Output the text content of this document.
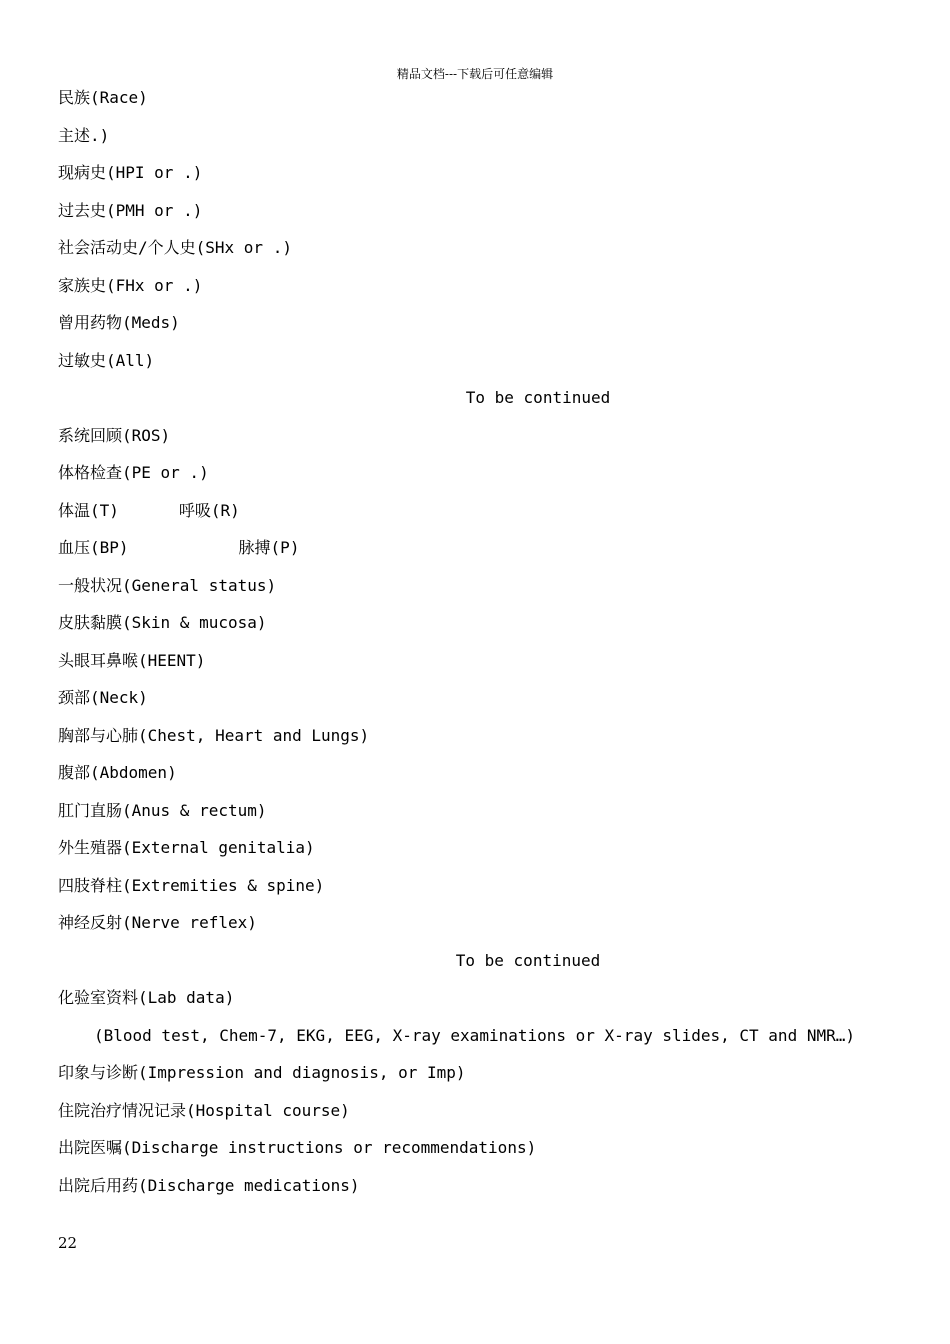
精品文档---下载后可任意编辑
民族(Race)
主述.)
现病史(HPI or .)
过去史(PMH or .)
社会活动史/个人史(SHx or .)
家族史(FHx or .)
曾用药物(Meds)
过敏史(All)
To be continued
系统回顾(ROS)
体格检查(PE or .)
体温(T)	呼吸(R)
血压(BP)	脉搏(P)
一般状况(General status)
皮肤黏膜(Skin & mucosa)
头眼耳鼻喉(HEENT)
颈部(Neck)
胸部与心肺(Chest, Heart and Lungs)
腹部(Abdomen)
肛门直肠(Anus & rectum)
外生殖器(External genitalia)
四肢脊柱(Extremities & spine)
神经反射(Nerve reflex)
To be continued
化验室资料(Lab data)
(Blood test, Chem-7, EKG, EEG, X-ray examinations or X-ray slides, CT and NMR…)
印象与诊断(Impression and diagnosis, or Imp)
住院治疗情况记录(Hospital course)
出院医嘱(Discharge instructions or recommendations)
出院后用药(Discharge medications)
22
